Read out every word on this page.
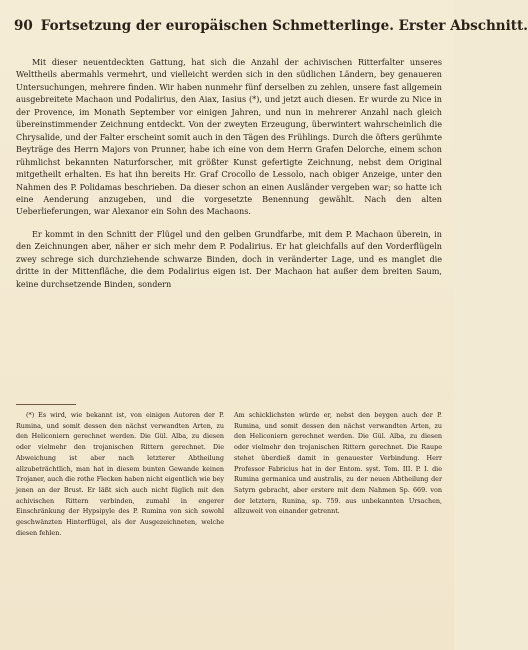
90 Fortsetzung der europäischen Schmetterlinge. Erster Abschnitt.

Mit dieser neuentdeckten Gattung, hat sich die Anzahl der achivischen Ritterfalter unseres Welttheils abermahls vermehrt, und vielleicht werden sich in den südlichen Ländern, bey genaueren Untersuchungen, mehrere finden. Wir haben nunmehr fünf derselben zu zehlen, unsere fast allgemein ausgebreitete Machaon und Podalirius, den Aiax, Iasius (*), und jetzt auch diesen. Er wurde zu Nice in der Provence, im Monath September vor einigen Jahren, und nun in mehrerer Anzahl nach gleich übereinstimmender Zeichnung entdeckt. Von der zweyten Erzeugung, überwintert wahrscheinlich die Chrysalide, und der Falter erscheint somit auch in den Tägen des Frühlings. Durch die öfters gerühmte Beyträge des Herrn Majors von Prunner, habe ich eine von dem Herrn Grafen Delorche, einem schon rühmlichst bekannten Naturforscher, mit größter Kunst gefertigte Zeichnung, nebst dem Original mitgetheilt erhalten. Es hat ihn bereits Hr. Graf Crocollo de Lessolo, nach obiger Anzeige, unter den Nahmen des P. Polidamas beschrieben. Da dieser schon an einen Ausländer vergeben war; so hatte ich eine Aenderung anzugeben, und die vorgesetzte Benennung gewählt. Nach den alten Ueberlieferungen, war Alexanor ein Sohn des Machaons.

Er kommt in den Schnitt der Flügel und den gelben Grundfarbe, mit dem P. Machaon überein, in den Zeichnungen aber, näher er sich mehr dem P. Podalirius. Er hat gleichfalls auf den Vorderflügeln zwey schrege sich durchziehende schwarze Binden, doch in veränderter Lage, und es manglet die dritte in der Mittenfläche, die dem Podalirius eigen ist. Der Machaon hat außer dem breiten Saum, keine durchsetzende Binden, sondern

(*) Es wird, wie bekannt ist, von einigen Autoren der P. Rumina, und somit dessen den nächst verwandten Arten, zu den Heliconiern gerechnet werden. Die Gül. Alba, zu diesen oder vielmehr den trojanischen Rittern gerechnet. Die Abweichung ist aber nach letzterer Abtheilung allzubeträchtlich, man hat in diesem bunten Gewande keinen Trojaner, auch die rothe Flecken haben nicht eigentlich wie bey jenen an der Brust. Er läßt sich auch nicht füglich mit den achivischen Rittern verbinden, zumahl in engerer Einschränkung der Hypsipyle des P. Rumina von sich sowohl geschwänzten Hinterflügel, als der Ausgezeichneten, welche diesen fehlen.

Am schicklichsten würde er, nebst den beygen auch der P. Rumina, und somit dessen den nächst verwandten Arten, zu den Heliconiern gerechnet werden. Die Gül. Alba, zu diesen oder vielmehr den trojanischen Rittern gerechnet. Die Raupe stehet überdieß damit in genauester Verbindung. Herr Professor Fabricius hat in der Entom. syst. Tom. III. P. I. die Rumina germanica und australis, zu der neuen Abtheilung der Satyrn gebracht, aber erstere mit dem Nahmen Sp. 669. von der letztern, Runina, sp. 759. aus unbekannten Ursachen, allzuweit von einander getrennt.
